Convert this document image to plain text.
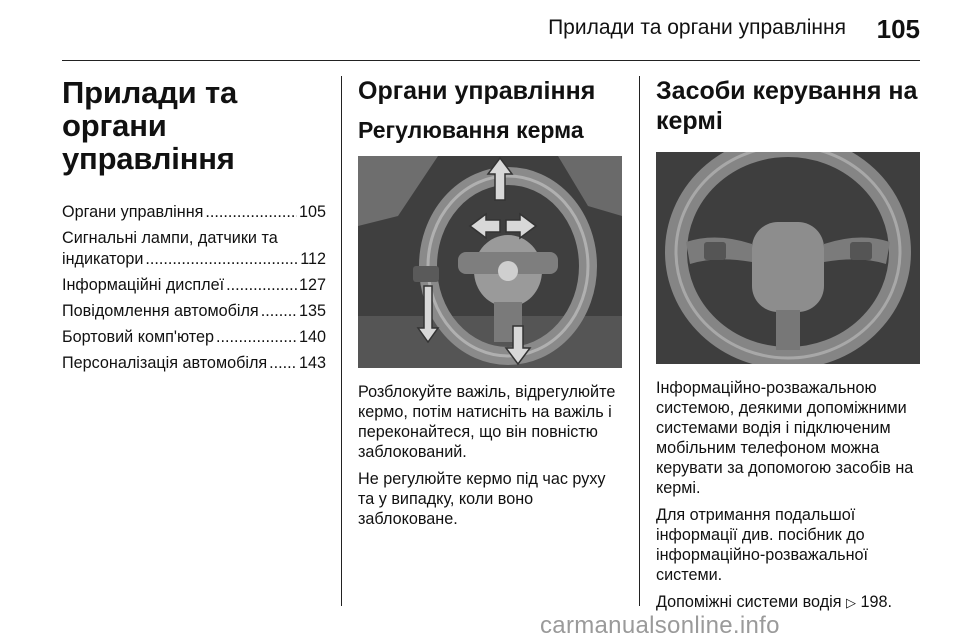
Прилади та органи управління 105
Прилади та органи
управління
Органи управління .....	105
Сигнальні лампи, датчики та
індикатори .....	112
Інформаційні дисплеї .....	127
Повідомлення автомобіля ..... 135
Бортовий комп'ютер .....	140
Персоналізація автомобіля ..... 143
Органи управління
Регулювання керма
Розблокуйте важіль, відрегулюйте кермо, потім натисніть на важіль і переконайтеся, що він повністю заблокований.
Не регулюйте кермо під час руху та у випадку, коли воно заблоковане.
Засоби керування на кермі
Інформаційно-розважальною системою, деякими допоміжними системами водія і підключеним мобільним телефоном можна керувати за допомогою засобів на кермі.
Для отримання подальшої інформації див. посібник до інформаційно-розважальної системи.
Допоміжні системи водія ▷ 198.
carmanualsonline.info
